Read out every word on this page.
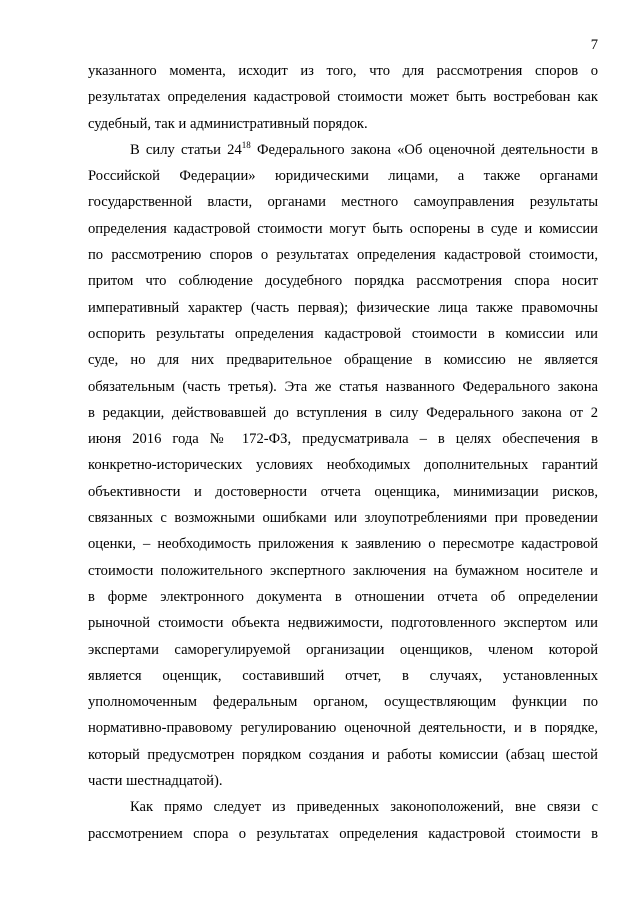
7
указанного момента, исходит из того, что для рассмотрения споров о
результатах определения кадастровой стоимости может быть востребован как
судебный, так и административный порядок.
В силу статьи $24^{18}$ Федерального закона «Об оценочной деятельности в
Российской Федерации» юридическими лицами, а также органами
государственной власти, органами местного самоуправления результаты
определения кадастровой стоимости могут быть оспорены в суде и комиссии
по рассмотрению споров о результатах определения кадастровой стоимости,
притом что соблюдение досудебного порядка рассмотрения спора носит
императивный характер (часть первая); физические лица также правомочны
оспорить результаты определения кадастровой стоимости в комиссии или
суде, но для них предварительное обращение в комиссию не является
обязательным (часть третья). Эта же статья названного Федерального закона
в редакции, действовавшей до вступления в силу Федерального закона от 2
июня 2016 года № 172-ФЗ, предусматривала – в целях обеспечения в
конкретно-исторических условиях необходимых дополнительных гарантий
объективности и достоверности отчета оценщика, минимизации рисков,
связанных с возможными ошибками или злоупотреблениями при проведении
оценки, – необходимость приложения к заявлению о пересмотре кадастровой
стоимости положительного экспертного заключения на бумажном носителе и
в форме электронного документа в отношении отчета об определении
рыночной стоимости объекта недвижимости, подготовленного экспертом или
экспертами саморегулируемой организации оценщиков, членом которой
является оценщик, составивший отчет, в случаях, установленных
уполномоченным федеральным органом, осуществляющим функции по
нормативно-правовому регулированию оценочной деятельности, и в порядке,
который предусмотрен порядком создания и работы комиссии (абзац шестой
части шестнадцатой).
Как прямо следует из приведенных законоположений, вне связи с
рассмотрением спора о результатах определения кадастровой стоимости в
